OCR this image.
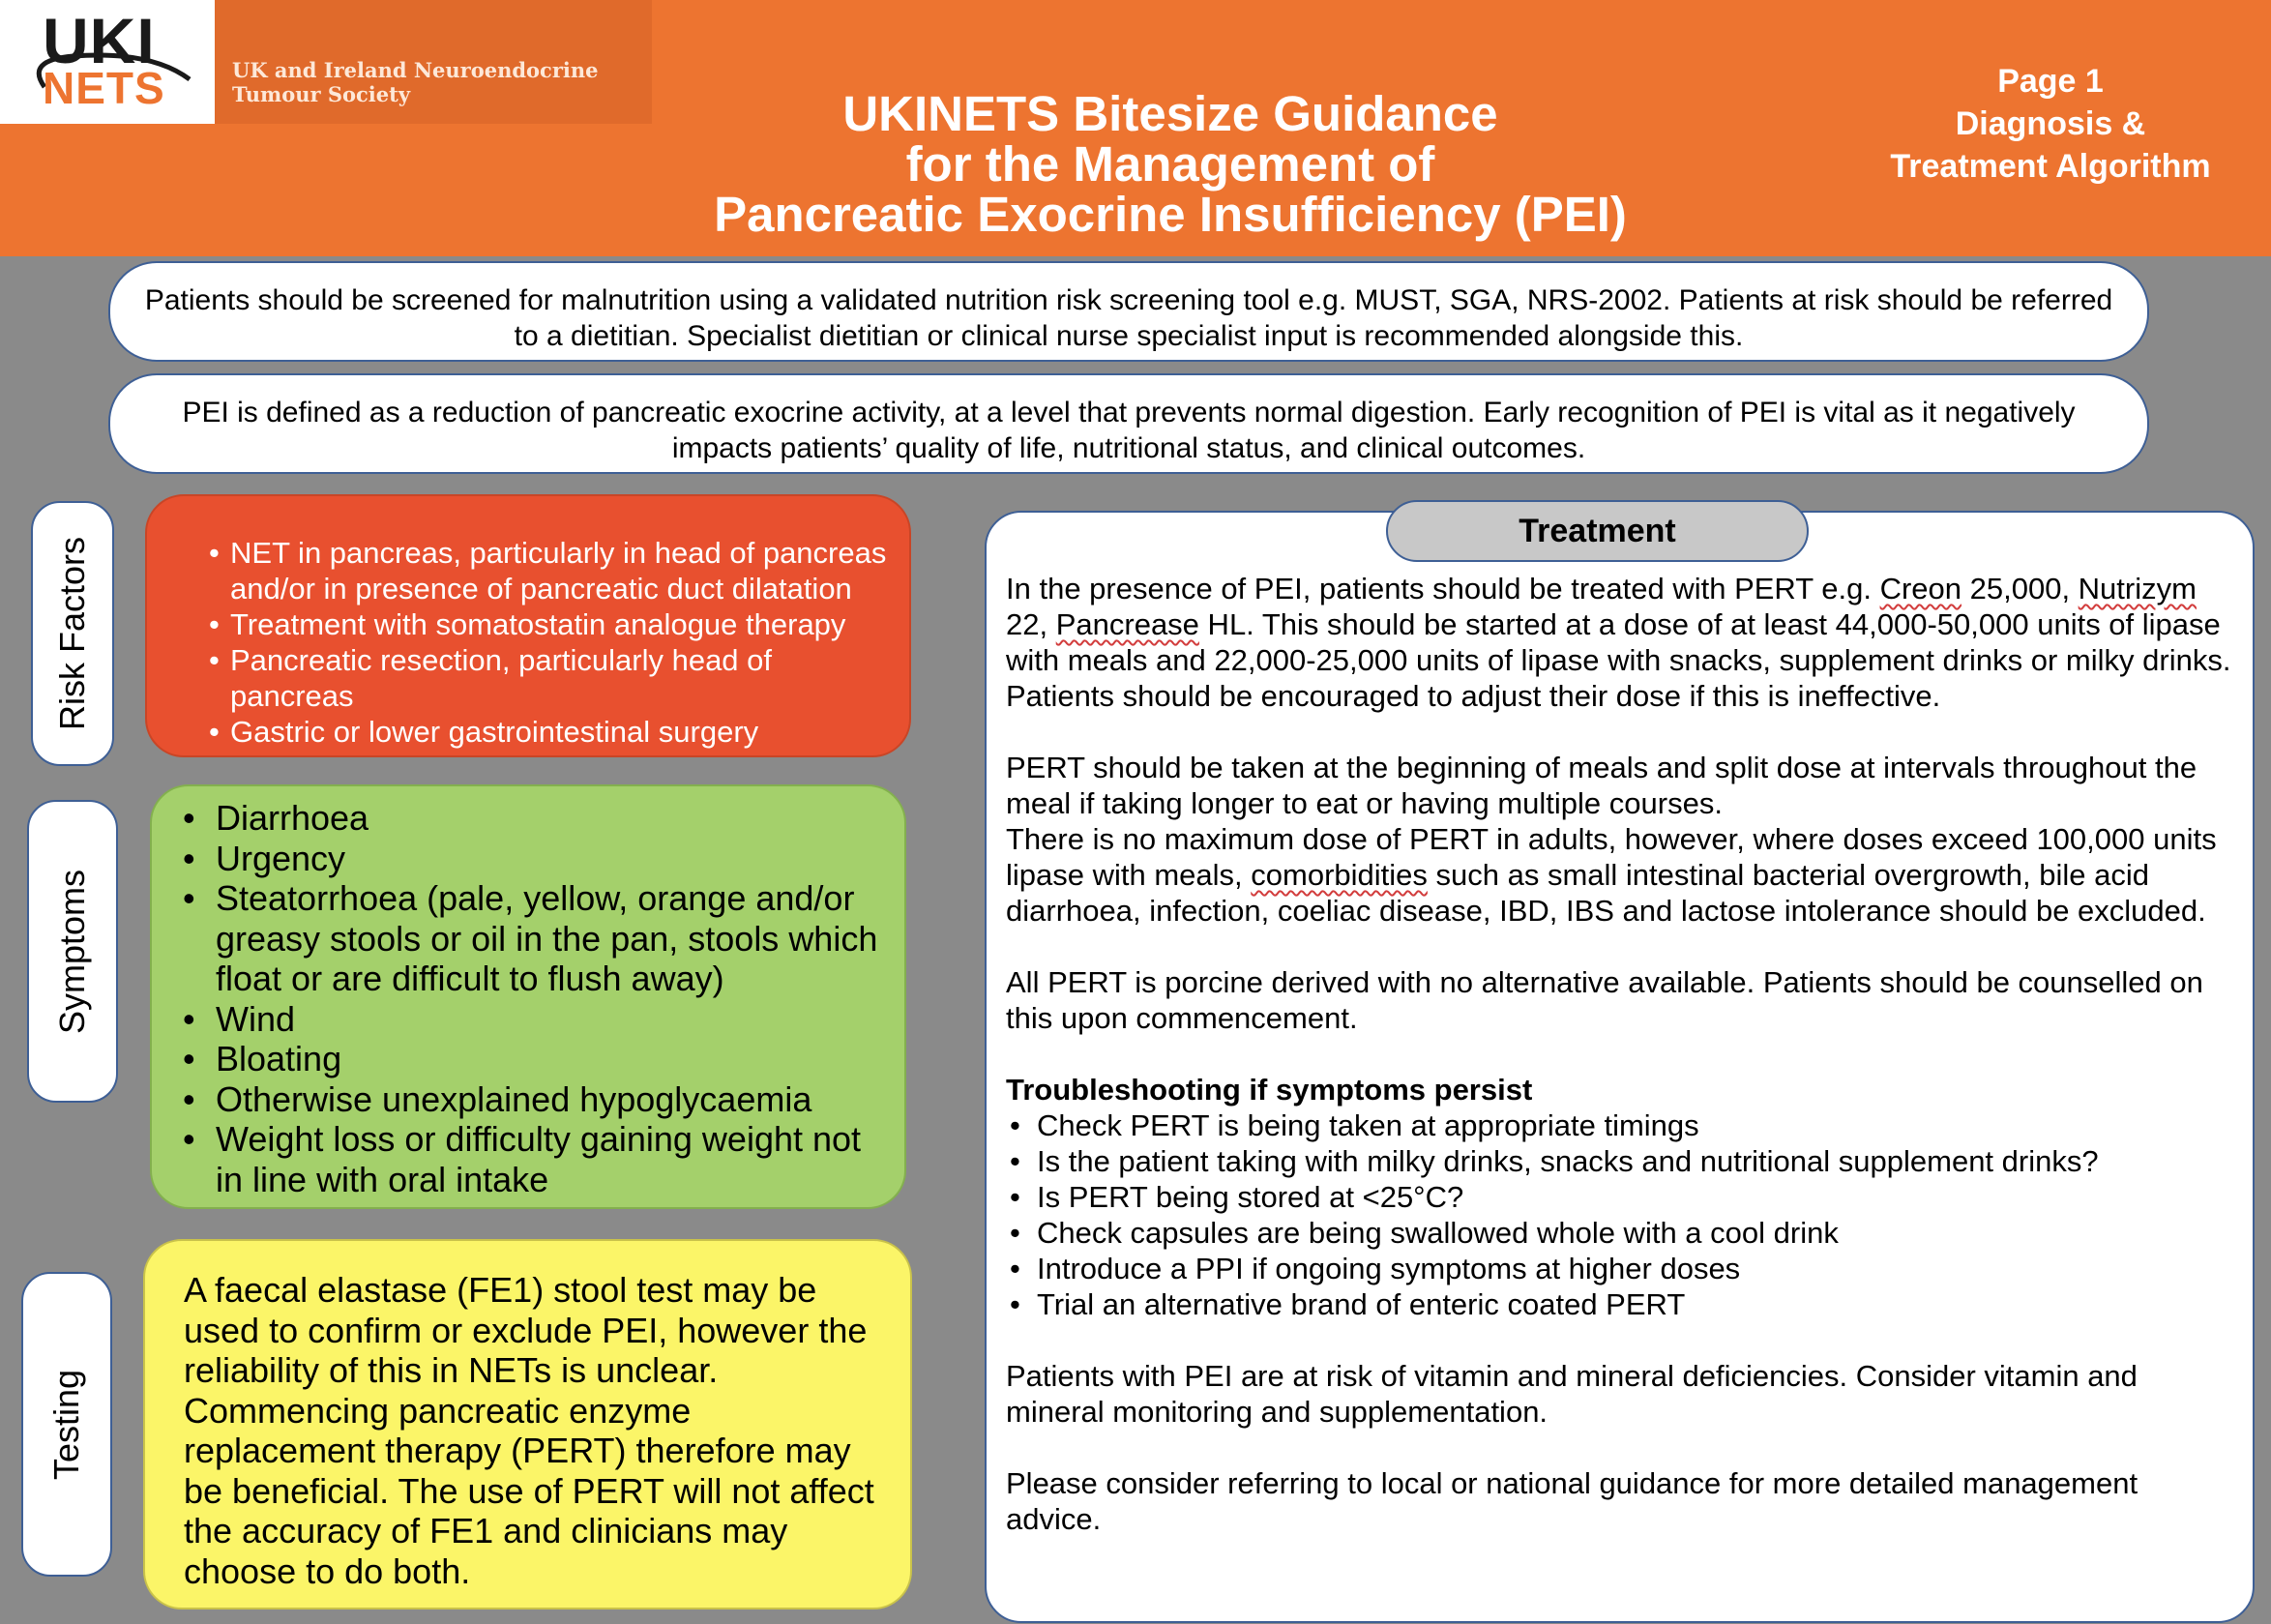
UKI
NETS	UK and Ireland Neuroendocrine
Tumour Society	UKINETS Bitesize Guidance
for the Management of
Pancreatic Exocrine Insufficiency (PEI)
Page 1
Diagnosis &
Treatment Algorithm
Patients should be screened for malnutrition using a validated nutrition risk screening tool e.g. MUST, SGA, NRS-2002. Patients at risk should be referred to a dietitian. Specialist dietitian or clinical nurse specialist input is recommended alongside this.
PEI is defined as a reduction of pancreatic exocrine activity, at a level that prevents normal digestion. Early recognition of PEI is vital as it negatively impacts patients’ quality of life, nutritional status, and clinical outcomes.
Risk Factors
Symptoms
Testing
• NET in pancreas, particularly in head of pancreas and/or in presence of pancreatic duct dilatation
• Treatment with somatostatin analogue therapy
• Pancreatic resection, particularly head of pancreas
• Gastric or lower gastrointestinal surgery
• Diarrhoea
• Urgency
• Steatorrhoea (pale, yellow, orange and/or greasy stools or oil in the pan, stools which float or are difficult to flush away)
• Wind
• Bloating
• Otherwise unexplained hypoglycaemia
• Weight loss or difficulty gaining weight not in line with oral intake
A faecal elastase (FE1) stool test may be used to confirm or exclude PEI, however the reliability of this in NETs is unclear. Commencing pancreatic enzyme replacement therapy (PERT) therefore may be beneficial. The use of PERT will not affect the accuracy of FE1 and clinicians may choose to do both.

In the presence of PEI, patients should be treated with PERT e.g. Creon 25,000, Nutrizym 22, Pancrease HL. This should be started at a dose of at least 44,000-50,000 units of lipase with meals and 22,000-25,000 units of lipase with snacks, supplement drinks or milky drinks. Patients should be encouraged to adjust their dose if this is ineffective.

PERT should be taken at the beginning of meals and split dose at intervals throughout the meal if taking longer to eat or having multiple courses.

There is no maximum dose of PERT in adults, however, where doses exceed 100,000 units lipase with meals, comorbidities such as small intestinal bacterial overgrowth, bile acid diarrhoea, infection, coeliac disease, IBD, IBS and lactose intolerance should be excluded.

All PERT is porcine derived with no alternative available. Patients should be counselled on this upon commencement.

Troubleshooting if symptoms persist

• Check PERT is being taken at appropriate timings
• Is the patient taking with milky drinks, snacks and nutritional supplement drinks?
• Is PERT being stored at <25°C?
• Check capsules are being swallowed whole with a cool drink
• Introduce a PPI if ongoing symptoms at higher doses
• Trial an alternative brand of enteric coated PERT

Patients with PEI are at risk of vitamin and mineral deficiencies. Consider vitamin and mineral monitoring and supplementation.

Please consider referring to local or national guidance for more detailed management advice.

Treatment
